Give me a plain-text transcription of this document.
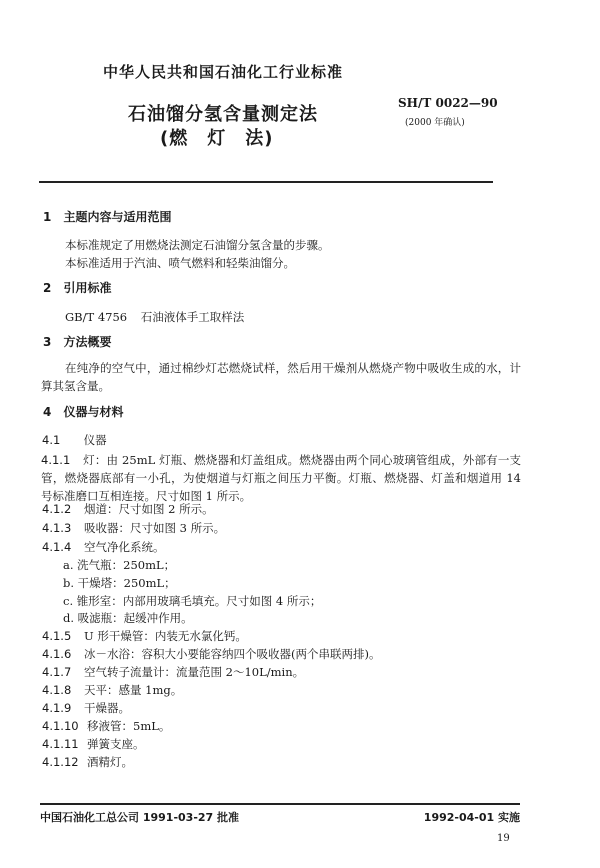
中华人民共和国石油化工行业标准
石油馏分氢含量测定法
(燃　灯　法)
SH/T 0022—90
(2000 年确认)
1 主题内容与适用范围
本标准规定了用燃烧法测定石油馏分氢含量的步骤。
本标准适用于汽油、喷气燃料和轻柴油馏分。
2 引用标准
GB/T 4756 石油液体手工取样法
3 方法概要
在纯净的空气中，通过棉纱灯芯燃烧试样，然后用干燥剂从燃烧产物中吸收生成的水，计算其氢含量。
4 仪器与材料
4.1 仪器
4.1.1 灯：由 25mL 灯瓶、燃烧器和灯盖组成。燃烧器由两个同心玻璃管组成，外部有一支管，燃烧器底部有一小孔，为使烟道与灯瓶之间压力平衡。灯瓶、燃烧器、灯盖和烟道用 14 号标准磨口互相连接。尺寸如图 1 所示。
4.1.2 烟道：尺寸如图 2 所示。
4.1.3 吸收器：尺寸如图 3 所示。
4.1.4 空气净化系统。
a. 洗气瓶：250mL；
b. 干燥塔：250mL；
c. 锥形室：内部用玻璃毛填充。尺寸如图 4 所示；
d. 吸滤瓶：起缓冲作用。
4.1.5 U 形干燥管：内装无水氯化钙。
4.1.6 冰－水浴：容积大小要能容纳四个吸收器(两个串联两排)。
4.1.7 空气转子流量计：流量范围 2～10L/min。
4.1.8 天平：感量 1mg。
4.1.9 干燥器。
4.1.10 移液管：5mL。
4.1.11 弹簧支座。
4.1.12 酒精灯。
中国石油化工总公司 1991-03-27 批准	1992-04-01 实施
19
